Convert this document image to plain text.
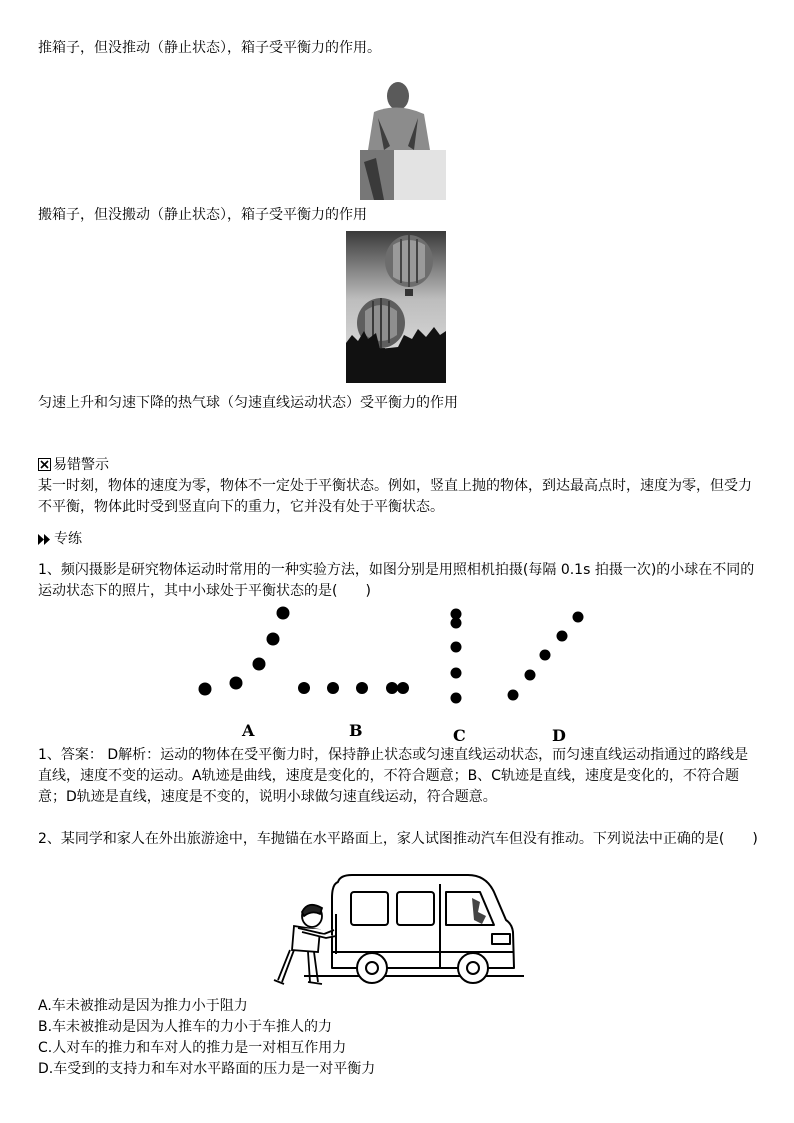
推箱子，但没推动（静止状态），箱子受平衡力的作用。
搬箱子，但没搬动（静止状态），箱子受平衡力的作用
匀速上升和匀速下降的热气球（匀速直线运动状态）受平衡力的作用
易错警示
某一时刻，物体的速度为零，物体不一定处于平衡状态。例如，竖直上抛的物体，到达最高点时，速度为零，但受力不平衡，物体此时受到竖直向下的重力，它并没有处于平衡状态。
专练
1、频闪摄影是研究物体运动时常用的一种实验方法，如图分别是用照相机拍摄(每隔 0.1s 拍摄一次)的小球在不同的运动状态下的照片，其中小球处于平衡状态的是(　　)
A	B	C	D
1、答案： D解析：运动的物体在受平衡力时，保持静止状态或匀速直线运动状态，而匀速直线运动指通过的路线是直线，速度不变的运动。A轨迹是曲线，速度是变化的，不符合题意；B、C轨迹是直线，速度是变化的，不符合题意；D轨迹是直线，速度是不变的，说明小球做匀速直线运动，符合题意。
2、某同学和家人在外出旅游途中，车抛锚在水平路面上，家人试图推动汽车但没有推动。下列说法中正确的是(　　)
A.车未被推动是因为推力小于阻力
B.车未被推动是因为人推车的力小于车推人的力
C.人对车的推力和车对人的推力是一对相互作用力
D.车受到的支持力和车对水平路面的压力是一对平衡力
